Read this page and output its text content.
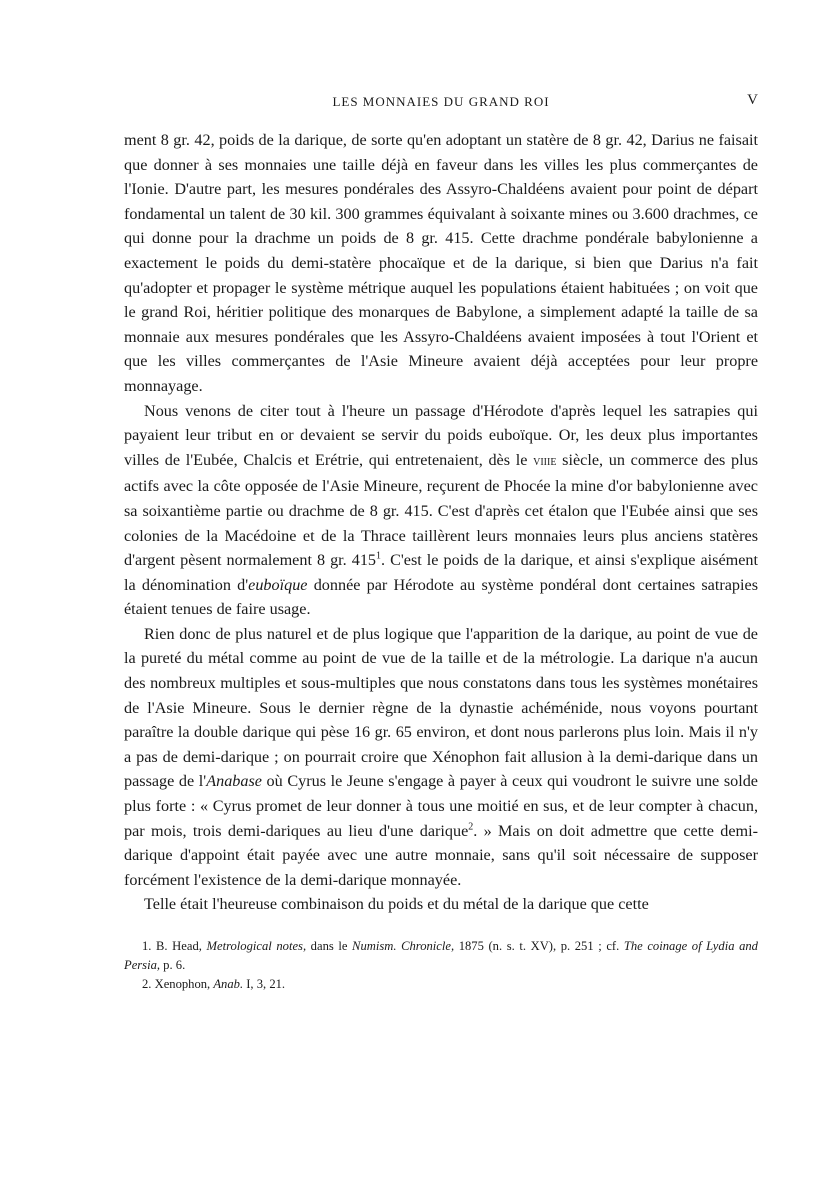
LES MONNAIES DU GRAND ROI	V

ment 8 gr. 42, poids de la darique, de sorte qu'en adoptant un statère de 8 gr. 42, Darius ne faisait que donner à ses monnaies une taille déjà en faveur dans les villes les plus commerçantes de l'Ionie. D'autre part, les mesures pondérales des Assyro-Chaldéens avaient pour point de départ fondamental un talent de 30 kil. 300 grammes équivalant à soixante mines ou 3.600 drachmes, ce qui donne pour la drachme un poids de 8 gr. 415. Cette drachme pondérale babylonienne a exactement le poids du demi-statère phocaïque et de la darique, si bien que Darius n'a fait qu'adopter et propager le système métrique auquel les populations étaient habituées ; on voit que le grand Roi, héritier politique des monarques de Babylone, a simplement adapté la taille de sa monnaie aux mesures pondérales que les Assyro-Chaldéens avaient imposées à tout l'Orient et que les villes commerçantes de l'Asie Mineure avaient déjà acceptées pour leur propre monnayage.

Nous venons de citer tout à l'heure un passage d'Hérodote d'après lequel les satrapies qui payaient leur tribut en or devaient se servir du poids euboïque. Or, les deux plus importantes villes de l'Eubée, Chalcis et Erétrie, qui entretenaient, dès le viiie siècle, un commerce des plus actifs avec la côte opposée de l'Asie Mineure, reçurent de Phocée la mine d'or babylonienne avec sa soixantième partie ou drachme de 8 gr. 415. C'est d'après cet étalon que l'Eubée ainsi que ses colonies de la Macédoine et de la Thrace taillèrent leurs monnaies leurs plus anciens statères d'argent pèsent normalement 8 gr. $415^1$. C'est le poids de la darique, et ainsi s'explique aisément la dénomination d'euboïque donnée par Hérodote au système pondéral dont certaines satrapies étaient tenues de faire usage.

Rien donc de plus naturel et de plus logique que l'apparition de la darique, au point de vue de la pureté du métal comme au point de vue de la taille et de la métrologie. La darique n'a aucun des nombreux multiples et sous-multiples que nous constatons dans tous les systèmes monétaires de l'Asie Mineure. Sous le dernier règne de la dynastie achéménide, nous voyons pourtant paraître la double darique qui pèse 16 gr. 65 environ, et dont nous parlerons plus loin. Mais il n'y a pas de demi-darique ; on pourrait croire que Xénophon fait allusion à la demi-darique dans un passage de l'Anabase où Cyrus le Jeune s'engage à payer à ceux qui voudront le suivre une solde plus forte : « Cyrus promet de leur donner à tous une moitié en sus, et de leur compter à chacun, par mois, trois demi-dariques au lieu d'une darique$^2$. » Mais on doit admettre que cette demi-darique d'appoint était payée avec une autre monnaie, sans qu'il soit nécessaire de supposer forcément l'existence de la demi-darique monnayée.

Telle était l'heureuse combinaison du poids et du métal de la darique que cette

1. B. Head, Metrological notes, dans le Numism. Chronicle, 1875 (n. s. t. XV), p. 251 ; cf. The coinage of Lydia and Persia, p. 6.

2. Xenophon, Anab. I, 3, 21.
